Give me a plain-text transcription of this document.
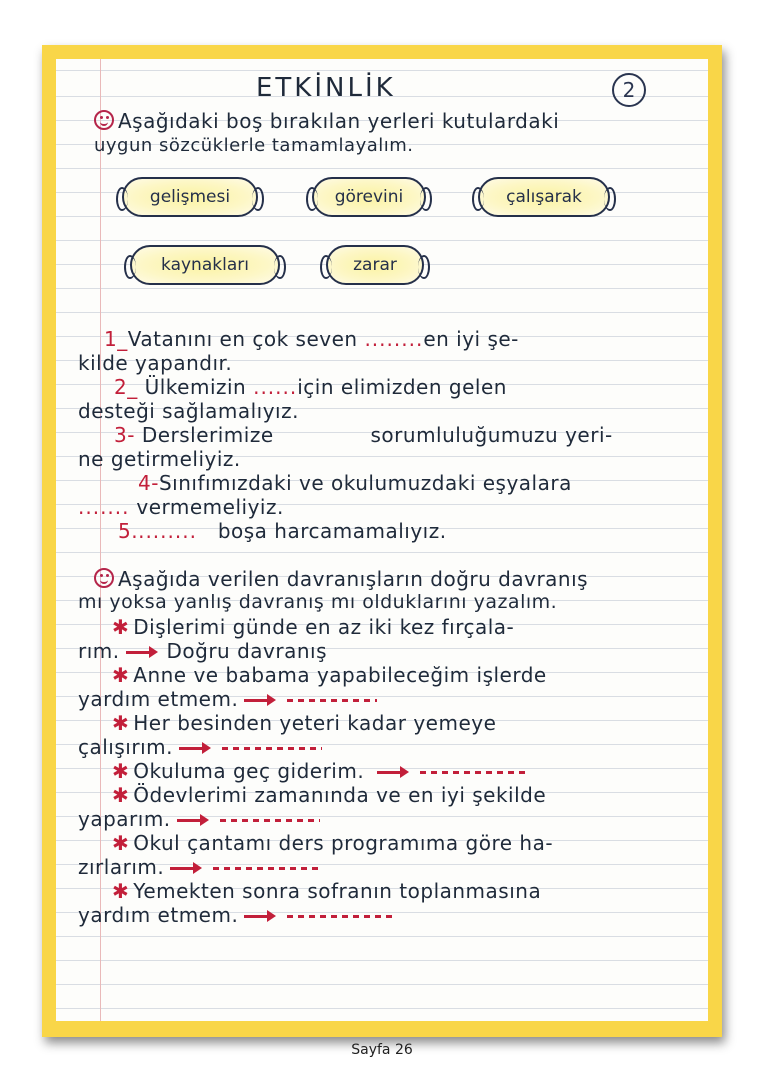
ETKİNLİK	2
Aşağıdaki boş bırakılan yerleri kutulardaki
uygun sözcüklerle tamamlayalım.
gelişmesi	görevini	çalışarak
kaynakları	zarar
1_Vatanını en çok seven ........en iyi şe-
kilde yapandır.
2_ Ülkemizin ......için elimizden gelen
desteği sağlamalıyız.
3- Derslerimize	sorumluluğumuzu yeri-
ne getirmeliyiz.
4-Sınıfımızdaki ve okulumuzdaki eşyalara
....... vermemeliyiz.
5......... boşa harcamamalıyız.
Aşağıda verilen davranışların doğru davranış
mı yoksa yanlış davranış mı olduklarını yazalım.
✱ Dişlerimi günde en az iki kez fırçala-
rım. Doğru davranış
✱ Anne ve babama yapabileceğim işlerde
yardım etmem.
✱ Her besinden yeteri kadar yemeye
çalışırım.
✱ Okuluma geç giderim.
✱ Ödevlerimi zamanında ve en iyi şekilde
yaparım.
✱ Okul çantamı ders programıma göre ha-
zırlarım.
✱ Yemekten sonra sofranın toplanmasına
yardım etmem.
Sayfa 26
